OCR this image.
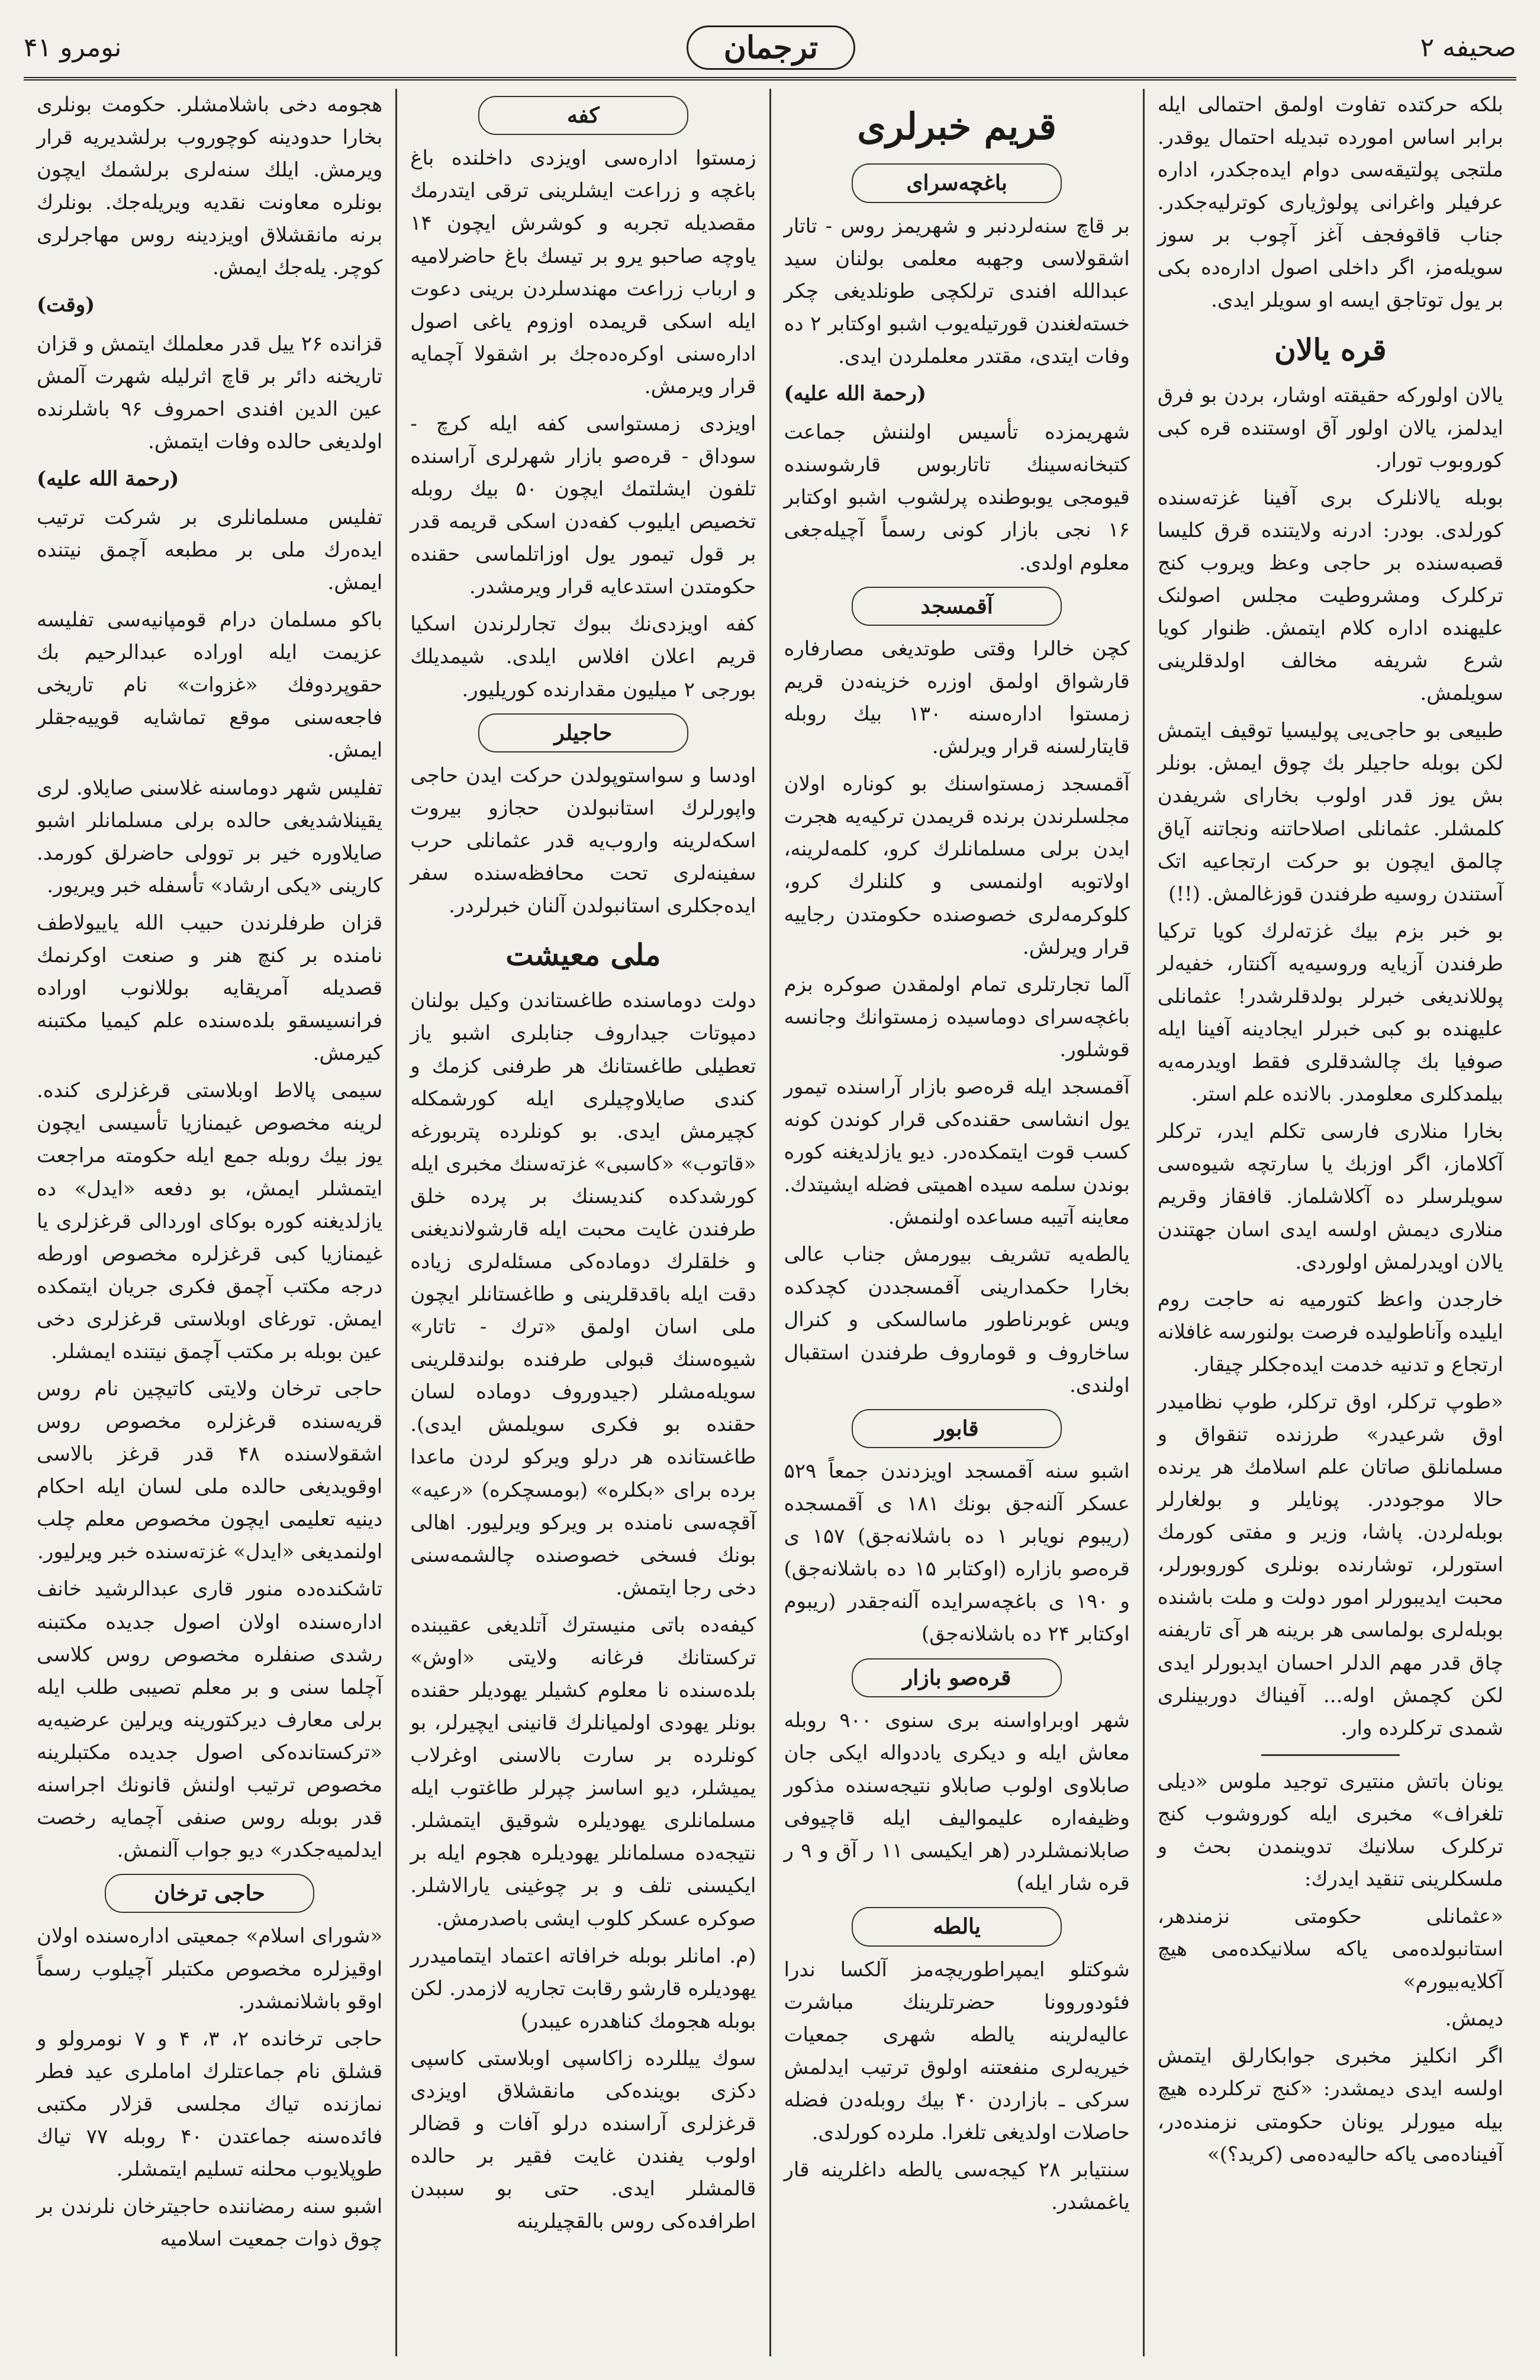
صحیفه ۲
ترجمان
نومرو ۴۱
بلکه حرکتده تفاوت اولمق احتمالی ایله برابر اساس امورده تبدیله احتمال یوقدر. ملتجی پولتیقه‌سی دوام ایده‌جکدر، اداره عرفیلر واغرانی پولوژیاری کوترلیه‌جکدر. جناب قاقوفجف آغز آچوب بر سوز سویله‌مز، اگر داخلی اصول اداره‌ده بکی بر یول توتاجق ایسه او سویلر ایدی.
قره یالان
یالان اولورکه حقیقته اوشار، بردن بو فرق ایدلمز، یالان اولور آق اوستنده قره کبی کوروبوب تورار.
بوبله یالانلرک بری آفینا غزته‌سنده کورلدی. بودر: ادرنه ولایتنده قرق کلیسا قصبه‌سنده بر حاجی وعظ ویروب کنج ترکلرک ومشروطیت مجلس اصولنک علیهنده اداره کلام ایتمش. ظنوار کویا شرع شریفه مخالف اولدقلرینی سویلمش.
طبیعی بو حاجی‌یی پولیسیا توقیف ایتمش لکن بوبله حاجیلر بك چوق ایمش. بونلر بش یوز قدر اولوب بخارای شریفدن کلمشلر. عثمانلی اصلاحاتنه ونجاتنه آیاق چالمق ایچون بو حرکت ارتجاعیه اتک آستندن روسیه طرفندن قوزغالمش. (!!)
بو خبر بزم بیك غزته‌لرك کویا ترکیا طرفندن آزیایه وروسیه‌یه آکنتار، خفیه‌لر پوللاندیغی خبرلر بولدقلرشدر! عثمانلی علیهنده بو کبی خبرلر ایجادینه آفینا ایله صوفیا بك چالشدقلری فقط اویدرمه‌یه بیلمدکلری معلومدر. بالانده علم استر.
بخارا منلاری فارسی تکلم ایدر، ترکلر آکلاماز، اگر اوزبك یا سارتچه شیوه‌سی سویلرسلر ده آکلاشلماز. قافقاز وقریم منلاری دیمش اولسه ایدی اسان جهتندن یالان اویدرلمش اولوردی.
خارجدن واعظ کتورمیه نه حاجت روم ایلیده وآناطولیده فرصت بولنورسه غافلانه ارتجاع و تدنیه خدمت ایده‌جکلر چیقار.
«طوپ ترکلر، اوق ترکلر، طوپ نظامیدر اوق شرعیدر» طرزنده تنقواق و مسلمانلق صاتان علم اسلامك هر یرنده حالا موجوددر. پونایلر و بولغارلر بوبله‌لردن. پاشا، وزیر و مفتی کورمك استورلر، توشارنده بونلری کوروبورلر، محبت ایدیبورلر امور دولت و ملت باشنده بوبله‌لری بولما‌سی هر برینه هر آی تاریفنه چاق قدر مهم الدلر احسان ایدبورلر ایدی لکن کچمش اوله... آفیناك دوربینلری شمدی ترکلرده وار.
یونان باتش منتیری توجید ملوس «دیلی تلغراف» مخبری ایله کوروشوب کنج ترکلرک سلانیك تدوینمدن بحث و ملسکلرینی تنقید ایدرك:
«عثمانلی حکومتی نزمندهر، استانبولده‌می یاکه سلانیکده‌می هیچ آکلایه‌بیورم»
دیمش.
اگر انکلیز مخبری جوابکارلق ایتمش اولسه ایدی دیمشدر: «کنج ترکلرده هیچ بیله میورلر یونان حکومتی نزمنده‌در، آفینا‌ده‌می یاکه حالیه‌ده‌می (کرید؟)»
قریم خبرلری
باغچه‌سرای
بر قاچ سنه‌لردنبر و شهریمز روس - تاتار اشقولاسی وجهبه معلمی بولنان سید عبدالله افندی ترلکچی طونلدیغی چکر خسته‌لغندن قورتیله‌یوب اشبو اوکتابر ۲ ده وفات ایتدی، مقتدر معلملردن ایدی.
(رحمة الله علیه)
شهریمزده تأسیس اولننش جماعت کتبخانه‌سینك تاتاربوس قارشوسنده قیومجی یوبوطنده پرلشوب اشبو اوکتابر ۱۶ نجی بازار کونی رسماً آچیله‌جغی معلوم اولدی.
آقمسجد
کچن خالرا وقتی طوتدیغی مصارفاره قارشواق اولمق اوزره خزینه‌دن قریم زمستوا اداره‌سنه ۱۳۰ بیك روبله قایتارلسنه قرار ویرلش.
آقمسجد زمستواسنك بو کوناره اولان مجلسلرندن برنده قریمدن ترکیه‌یه هجرت ایدن برلی مسلمانلرك کرو، کلمه‌لرینه، اولاتوبه اولنمسی و کلنلرك کرو، کلوکرمه‌لری خصوصنده حکومتدن رجاییه قرار ویرلش.
آلما تجارتلری تمام اولمقدن صوکره بزم باغچه‌سرای دوماسیده زمستوانك وجانسه قوشلور.
آقمسجد ایله قره‌صو بازار آراسنده تیمور یول انشاسی حقنده‌کی قرار کوندن کونه کسب قوت ایتمکده‌در. دیو یازلدیغنه کوره بوندن سلمه سیده اهمیتی فضله ایشیتدك. معاینه آتیبه مساعده اولنمش.
یالطه‌یه تشریف بیورمش جناب عالی بخارا حکمدارینی آقمسجددن کچدکده ویس غوبرناطور ماسالسکی و کنرال ساخاروف و قوماروف طرفندن استقبال اولندی.
قابور
اشبو سنه آقمسجد اویزدندن جمعاً ۵۲۹ عسکر آلنه‌جق بونك ۱۸۱ ی آقمسجده (ریبوم نویابر ۱ ده باشلانه‌جق) ۱۵۷ ی قره‌صو بازاره (اوکتابر ۱۵ ده باشلانه‌جق) و ۱۹۰ ی باغچه‌سرایده آلنه‌جقدر (ریبوم اوکتابر ۲۴ ده باشلانه‌جق)
قره‌صو بازار
شهر اوبراواسنه بری سنوی ۹۰۰ روبله معاش ایله و دیکری یاددواله ایکی جان صابلاوی اولوب صابلاو نتیجه‌سنده مذکور وظیفه‌اره علیموالیف ایله قاچیوفی صابلانمشلردر (هر ایکیسی ۱۱ ر آق و ۹ ر قره شار ایله)
یالطه
شوکتلو ایمپراطوریچه‌مز آلکسا ندرا فئودوروونا حضرتلرینك مباشرت عالیه‌لرینه یالطه شهری جمعیات خیریه‌لری منفعتنه اولوق ترتیب ایدلمش سرکی ـ بازاردن ۴۰ بیك روبله‌دن فضله حاصلات اولدیغی تلغرا. ملرده کورلدی.
سنتیابر ۲۸ کیجه‌سی یالطه داغلرینه قار یاغمشدر.
کفه
زمستوا اداره‌سی اویزدی داخلنده باغ باغچه و زراعت ایشلرینی ترقی ایتدرمك مقصدیله تجربه و کوشرش ایچون ۱۴ یاوچه صاحبو یرو بر تیسك باغ حاضرلامیه و ارباب زراعت مهندسلردن برینی دعوت ایله اسکی قریمده اوزوم یاغی اصول اداره‌سنی اوکره‌ده‌جك بر اشقولا آچمایه قرار ویرمش.
اویزدی زمستواسی کفه ایله کرچ - سوداق - قره‌صو بازار شهرلری آراسنده تلفون ایشلتمك ایچون ۵۰ بیك روبله تخصیص ایلیوب کفه‌دن اسکی قریمه قدر بر قول تیمور یول اوزاتلماسی حقنده حکومتدن استدعایه قرار ویرمشدر.
کفه اویزدی‌نك ببوك تجارلرندن اسکیا قریم اعلان افلاس ایلدی. شیمدیلك بورجی ۲ میلیون مقدارنده کوریلیور.
حاجیلر
اودسا و سواستوپولدن حرکت ایدن حاجی واپورلرك استانبولدن حجازو بیروت اسکه‌لرینه واروب‌یه قدر عثمانلی حرب سفینه‌لری تحت محافظه‌سنده سفر ایده‌جکلری استانبولدن آلنان خبرلردر.
ملی معیشت
دولت دوماسنده طاغستاندن وکیل بولنان دمپوتات جیداروف جنابلری اشبو یاز تعطیلی طاغستانك هر طرفنی کزمك و کندی صایلاوچیلری ایله کورشمکله کچیرمش ایدی. بو کونلرده پتربورغه «قاتوب» «کاسبی» غزته‌سنك مخبری ایله کورشدکده کندیسنك بر پرده خلق طرفندن غایت محبت ایله قارشولاندیغنی و خلقلرك دوماده‌کی مسئله‌لری زیاده دقت ایله باقدقلرینی و طاغستانلر ایچون ملی اسان اولمق «ترك - تاتار» شیوه‌سنك قبولی طرفنده بولندقلرینی سویله‌مشلر (جیدوروف دوماده لسان حقنده بو فکری سویلمش ایدی). طاغستانده هر درلو ویرکو لردن ماعدا برده برای «بکلره» (بومسچکره) «رعیه» آقچه‌سی نامنده بر ویرکو ویرلیور. اهالی بونك فسخی خصوصنده چالشمه‌سنی دخی رجا ایتمش.
کیفه‌ده باتی منیسترك آتلدیغی عقیبنده ترکستانك فرغانه ولایتی «اوش» بلده‌سنده نا معلوم کشیلر یهودیلر حقنده بونلر یهودی اولمیانلرك قانینی ایچیرلر، بو کونلرده بر سارت بالاسنی اوغرلاب یمیشلر، دیو اساسز چپرلر طاغتوب ایله مسلمانلری یهودیلره شوقیق ایتمشلر. نتیجه‌ده مسلمانلر یهودیلره هجوم ایله بر ایکیسنی تلف و بر چوغینی یارالاشلر. صوکره عسکر کلوب ایشی باصدرمش.
(م. امانلر بوبله خرافاته اعتماد ایتمامیدرر یهودیلره قارشو رقابت تجاریه لازمدر. لکن بوبله هجومك کناهدره عیبدر)
سوك ییللرده زاکاسپی اوبلاستی کاسپی دکزی بوینده‌کی مانقشلاق اویزدی قرغزلری آراسنده درلو آفات و قضالر اولوب یفندن غایت فقیر بر حالده قالمشلر ایدی. حتی بو سببدن اطرافده‌کی روس بالقچیلرینه
هجومه دخی باشلامشلر. حکومت بونلری بخارا حدودینه کوچوروب برلشدیریه قرار ویرمش. ایلك سنه‌لری برلشمك ایچون بونلره معاونت نقدیه ویریله‌جك. بونلرك برنه مانقشلاق اویزدینه روس مهاجرلری کوچر. یله‌جك ایمش.
(وقت)
قزانده ۲۶ ییل قدر معلملك ایتمش و قزان تاریخنه دائر بر قاچ اثرلیله شهرت آلمش عین الدین افندی احمروف ۹۶ باشلرنده اولدیغی حالده وفات ایتمش.
(رحمة الله علیه)
تفلیس مسلمانلری بر شرکت ترتیب ایده‌رك ملی بر مطبعه آچمق نیتنده ایمش.
باکو مسلمان درام قومپانیه‌سی تفلیسه عزیمت ایله اوراده عبدالرحیم بك حقوپردوفك «غزوات» نام تاریخی فاجعه‌سنی موقع تماشایه قوییه‌جقلر ایمش.
تفلیس شهر دوماسنه غلاسنی صایلاو. لری یقینلاشدیغی حالده برلی مسلمانلر اشبو صایلاوره خیر بر توولی حاضرلق کورمد. کارینی «یکی ارشاد» تأسفله خبر ویریور.
قزان طرفلرندن حبیب الله یاییولاطف نامنده بر کنچ هنر و صنعت اوکرنمك قصدیله آمریقایه بوللانوب اوراده فرانسیسقو بلده‌سنده علم کیمیا مکتبنه کیرمش.
سیمی پالاط اوبلاستی قرغزلری کنده. لرینه مخصوص غیمنازیا تأسیسی ایچون یوز بیك روبله جمع ایله حکومته مراجعت ایتمشلر ایمش، بو دفعه «ایدل» ده یازلدیغنه کوره بوکای اوردالی قرغزلری یا غیمنازیا کبی قرغزلره مخصوص اورطه درجه مکتب آچمق فکری جریان ایتمکده ایمش. تورغای اوبلاستی قرغزلری دخی عین بوبله بر مکتب آچمق نیتنده ایمشلر.
حاجی ترخان ولایتی کاتیچین نام روس قریه‌سنده قرغزلره مخصوص روس اشقولاسنده ۴۸ قدر قرغز بالاسی اوقویدیغی حالده ملی لسان ایله احکام دینیه تعلیمی ایچون مخصوص معلم چلب اولنمدیغی «ایدل» غزته‌سنده خبر ویرلیور.
تاشکنده‌ده منور قاری عبدالرشید خانف اداره‌سنده اولان اصول جدیده مکتبنه رشدی صنفلره مخصوص روس کلاسی آچلما سنی و بر معلم تصیبی طلب ایله برلی معارف دیرکتورینه ویرلین عرضیه‌یه «ترکستانده‌کی اصول جدیده مکتبلرینه مخصوص ترتیب اولنش قانونك اجراسنه قدر بوبله روس صنفی آچمایه رخصت ایدلمیه‌جکدر» دیو جواب آلنمش.
حاجی ترخان
«شورای اسلام» جمعیتی اداره‌سنده اولان اوقیزلره مخصوص مکتبلر آچیلوب رسماً اوقو باشلانمشدر.
حاجی ترخانده ۲، ۳، ۴ و ۷ نومرولو و قشلق نام جماعتلرك اماملری عید فطر نمازنده تیاك مجلسی قزلار مکتبی فائده‌سنه جماعتدن ۴۰ روبله ۷۷ تیاك طوپلایوب محلنه تسلیم ایتمشلر.
اشبو سنه رمضاننده حاجیترخان نلرندن بر چوق ذوات جمعیت اسلامیه
